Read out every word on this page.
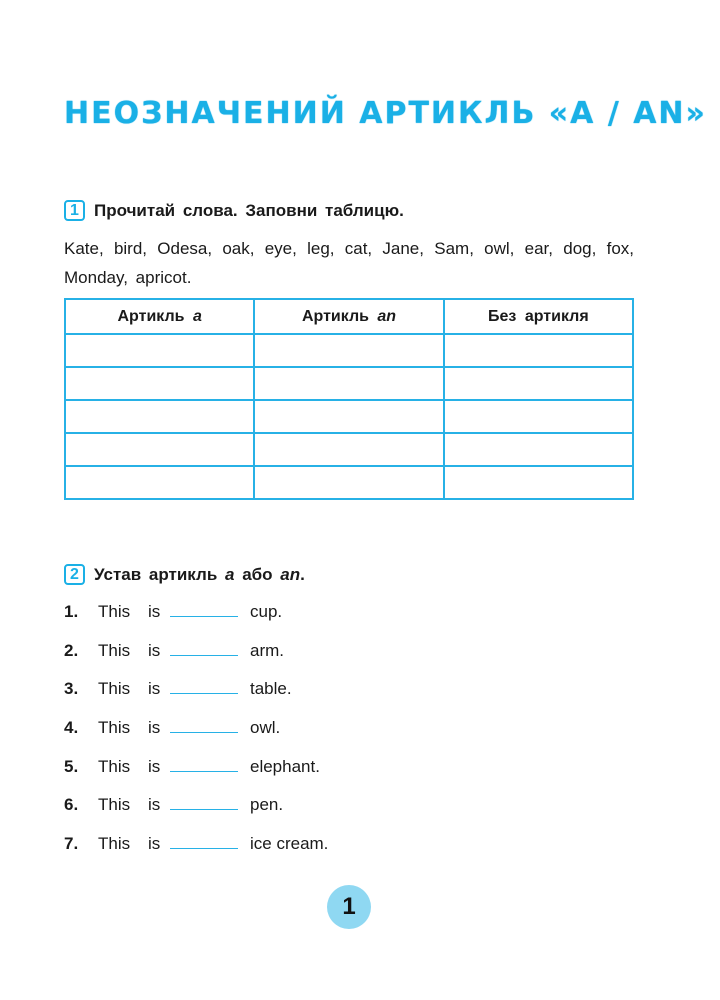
НЕОЗНАЧЕНИЙ АРТИКЛЬ «A / AN»
1 Прочитай слова. Заповни таблицю.
Kate, bird, Odesa, oak, eye, leg, cat, Jane, Sam, owl, ear, dog, fox, Monday, apricot.
Артикль a	Артикль an	Без артикля

2 Устав артикль a або an.
1.	This	is	cup.
2.	This	is	arm.
3.	This	is	table.
4.	This	is	owl.
5.	This	is	elephant.
6.	This	is	pen.
7.	This	is	ice cream.
1
